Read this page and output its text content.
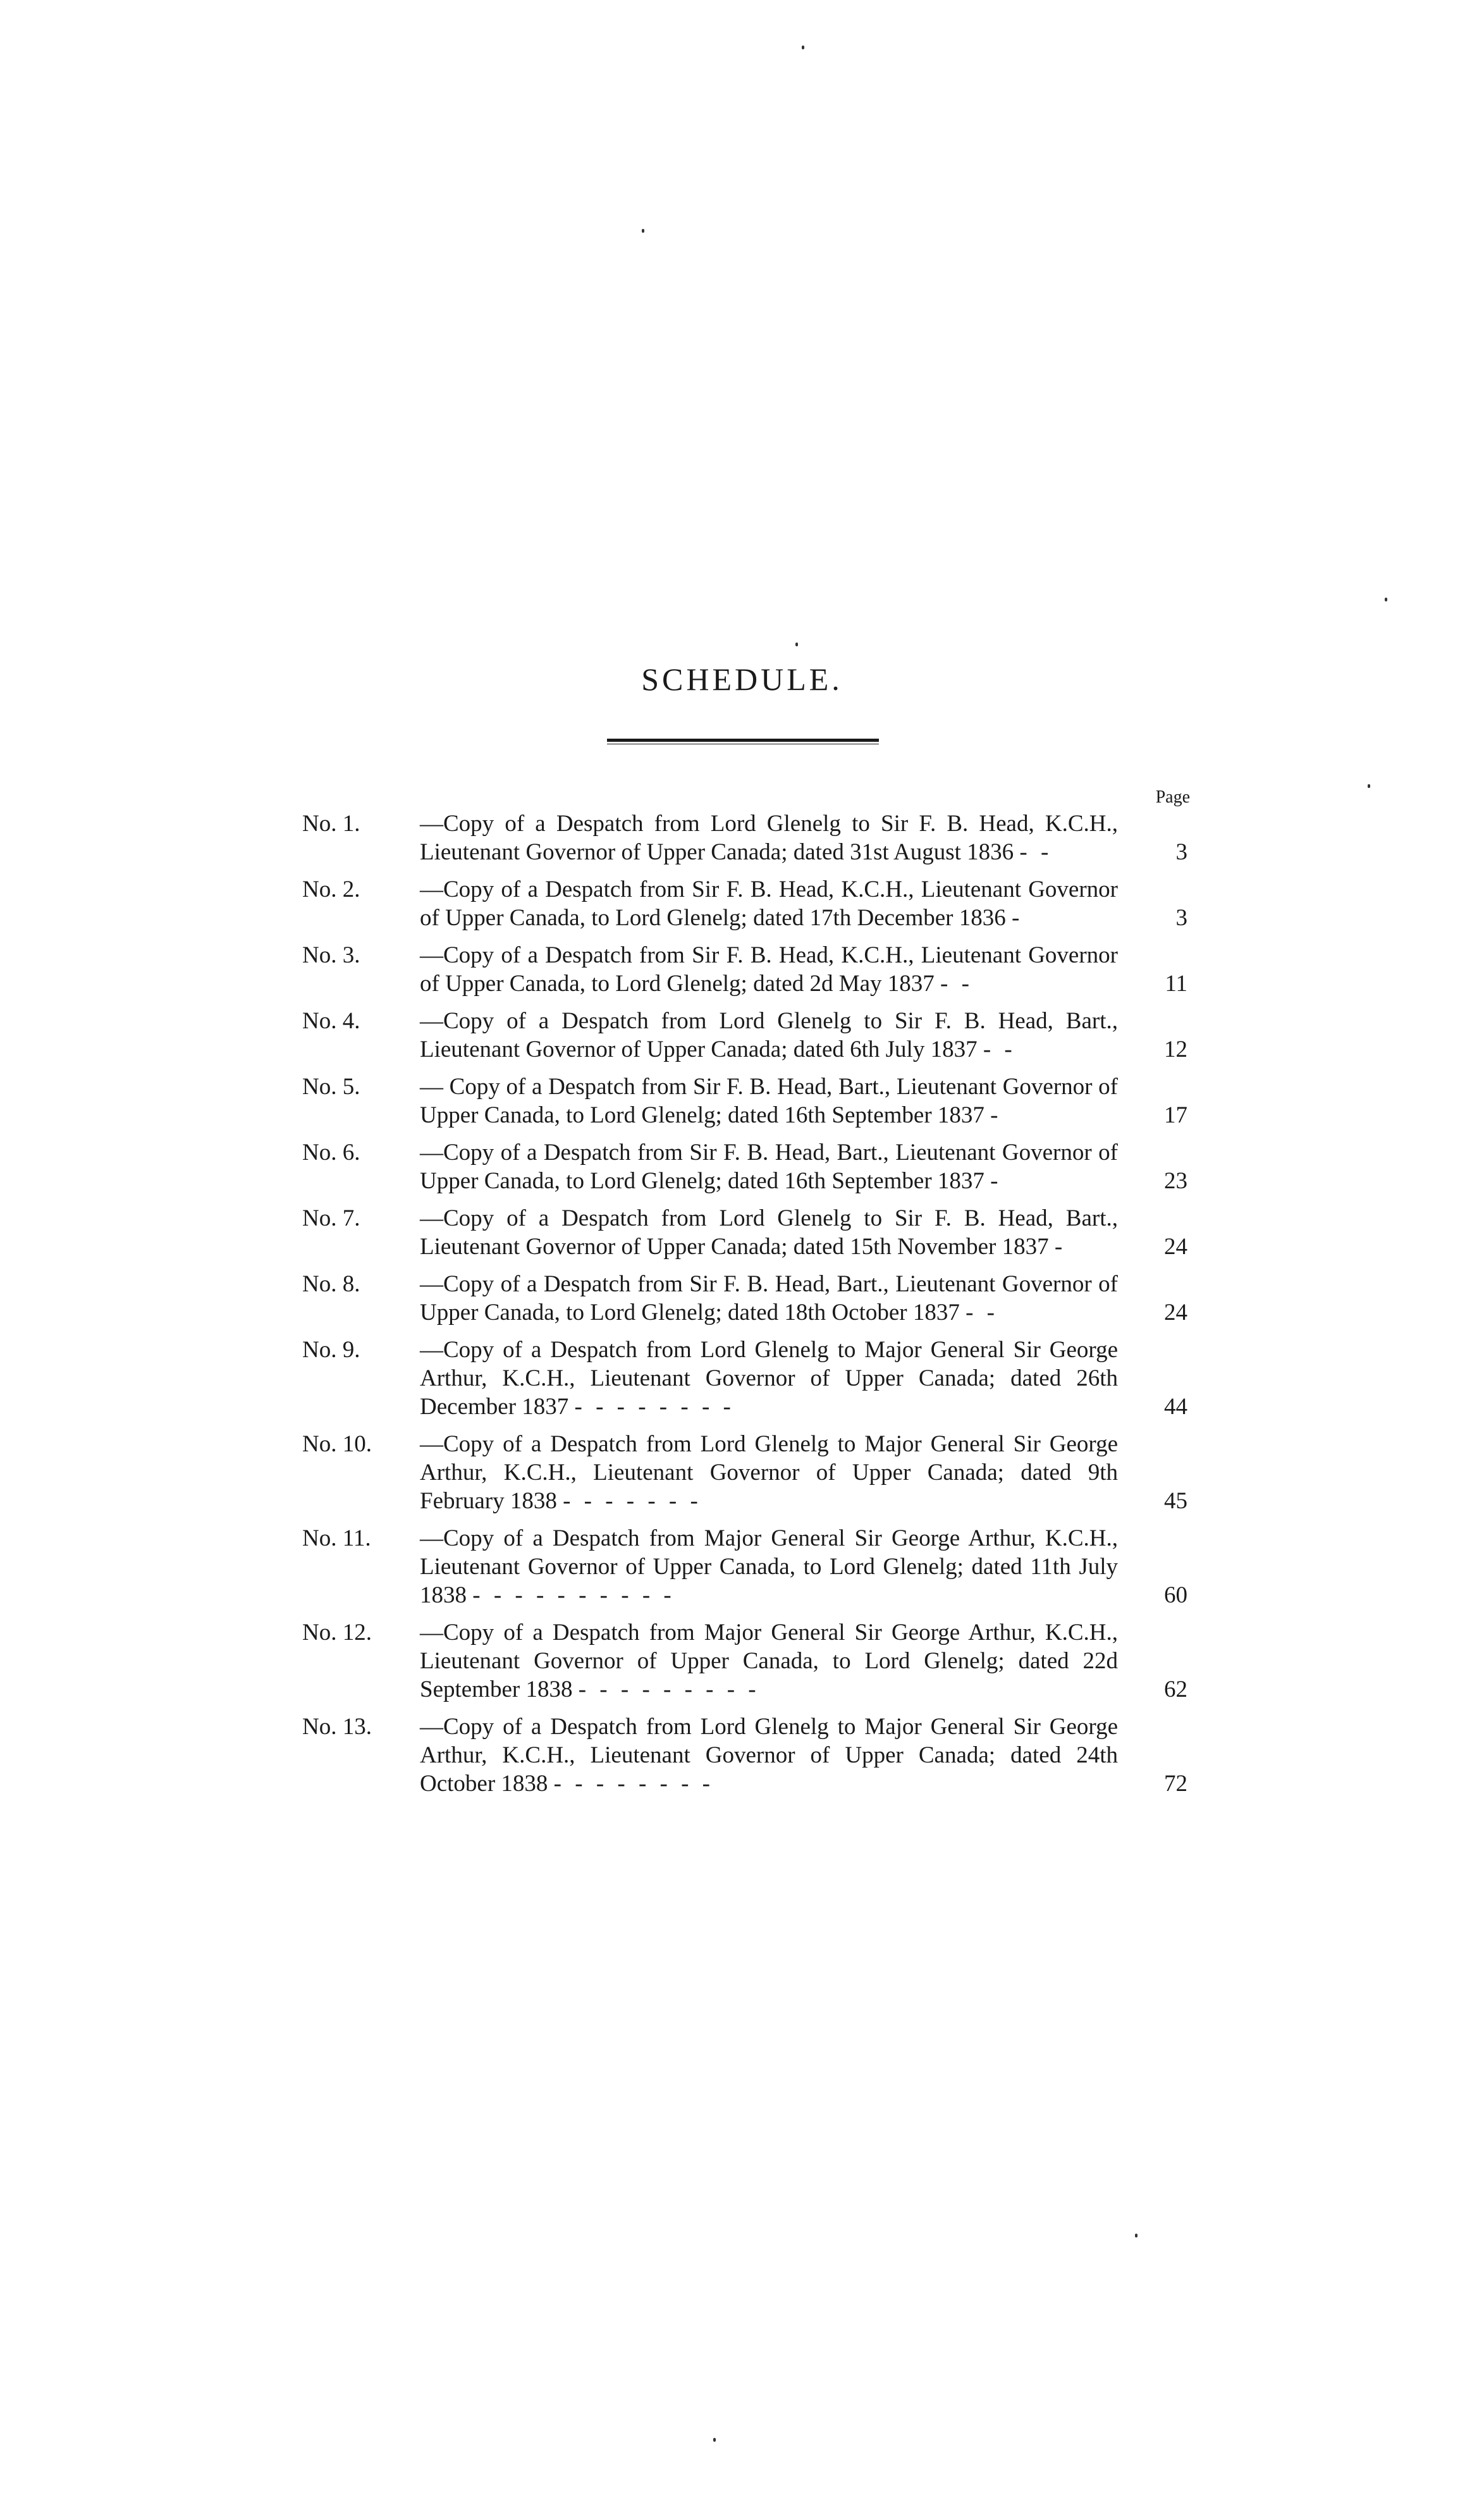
SCHEDULE.
Page
No. 1.	—Copy of a Despatch from Lord Glenelg to Sir F. B. Head, K.C.H., Lieutenant Governor of Upper Canada; dated 31st August 1836 - -	3
No. 2.	—Copy of a Despatch from Sir F. B. Head, K.C.H., Lieutenant Governor of Upper Canada, to Lord Glenelg; dated 17th December 1836 -	3
No. 3.	—Copy of a Despatch from Sir F. B. Head, K.C.H., Lieutenant Governor of Upper Canada, to Lord Glenelg; dated 2d May 1837 - -	11
No. 4.	—Copy of a Despatch from Lord Glenelg to Sir F. B. Head, Bart., Lieutenant Governor of Upper Canada; dated 6th July 1837 - -	12
No. 5.	— Copy of a Despatch from Sir F. B. Head, Bart., Lieutenant Governor of Upper Canada, to Lord Glenelg; dated 16th September 1837 -	17
No. 6.	—Copy of a Despatch from Sir F. B. Head, Bart., Lieutenant Governor of Upper Canada, to Lord Glenelg; dated 16th September 1837 -	23
No. 7.	—Copy of a Despatch from Lord Glenelg to Sir F. B. Head, Bart., Lieutenant Governor of Upper Canada; dated 15th November 1837 -	24
No. 8.	—Copy of a Despatch from Sir F. B. Head, Bart., Lieutenant Governor of Upper Canada, to Lord Glenelg; dated 18th October 1837 - -	24
No. 9.	—Copy of a Despatch from Lord Glenelg to Major General Sir George Arthur, K.C.H., Lieutenant Governor of Upper Canada; dated 26th December 1837 - - - - - - - -	44
No. 10. —Copy of a Despatch from Lord Glenelg to Major General Sir George Arthur, K.C.H., Lieutenant Governor of Upper Canada; dated 9th February 1838 - - - - - - -	45
No. 11. —Copy of a Despatch from Major General Sir George Arthur, K.C.H., Lieutenant Governor of Upper Canada, to Lord Glenelg; dated 11th July 1838 - - - - - - - - - -	60
No. 12. —Copy of a Despatch from Major General Sir George Arthur, K.C.H., Lieutenant Governor of Upper Canada, to Lord Glenelg; dated 22d September 1838 - - - - - - - - -	62
No. 13. —Copy of a Despatch from Lord Glenelg to Major General Sir George Arthur, K.C.H., Lieutenant Governor of Upper Canada; dated 24th October 1838 - - - - - - - -	72
